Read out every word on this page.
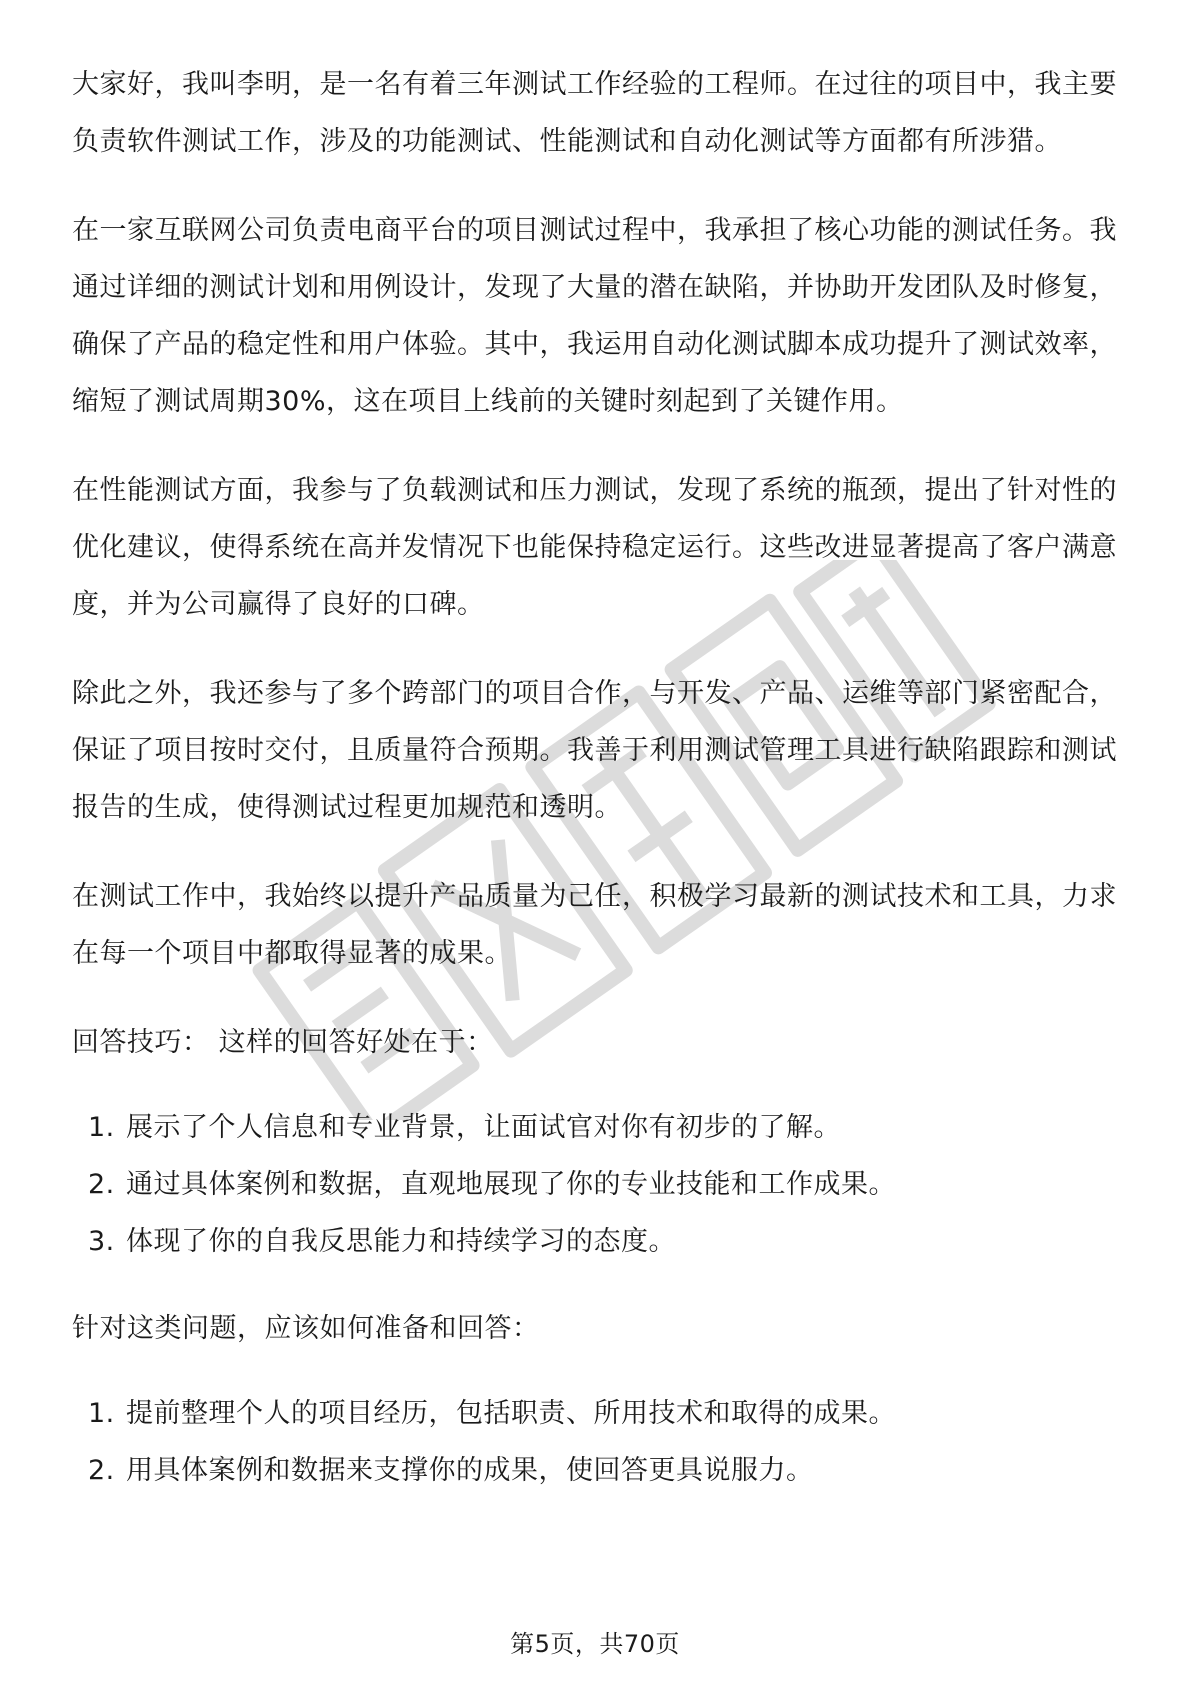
大家好，我叫李明，是一名有着三年测试工作经验的工程师。在过往的项目中，我主要负责软件测试工作，涉及的功能测试、性能测试和自动化测试等方面都有所涉猎。

在一家互联网公司负责电商平台的项目测试过程中，我承担了核心功能的测试任务。我通过详细的测试计划和用例设计，发现了大量的潜在缺陷，并协助开发团队及时修复，确保了产品的稳定性和用户体验。其中，我运用自动化测试脚本成功提升了测试效率，缩短了测试周期30%，这在项目上线前的关键时刻起到了关键作用。

在性能测试方面，我参与了负载测试和压力测试，发现了系统的瓶颈，提出了针对性的优化建议，使得系统在高并发情况下也能保持稳定运行。这些改进显著提高了客户满意度，并为公司赢得了良好的口碑。

除此之外，我还参与了多个跨部门的项目合作，与开发、产品、运维等部门紧密配合，保证了项目按时交付，且质量符合预期。我善于利用测试管理工具进行缺陷跟踪和测试报告的生成，使得测试过程更加规范和透明。

在测试工作中，我始终以提升产品质量为己任，积极学习最新的测试技术和工具，力求在每一个项目中都取得显著的成果。

回答技巧： 这样的回答好处在于：

1. 展示了个人信息和专业背景，让面试官对你有初步的了解。
2. 通过具体案例和数据，直观地展现了你的专业技能和工作成果。
3. 体现了你的自我反思能力和持续学习的态度。

针对这类问题，应该如何准备和回答：

1. 提前整理个人的项目经历，包括职责、所用技术和取得的成果。
2. 用具体案例和数据来支撑你的成果，使回答更具说服力。
第5页，共70页
